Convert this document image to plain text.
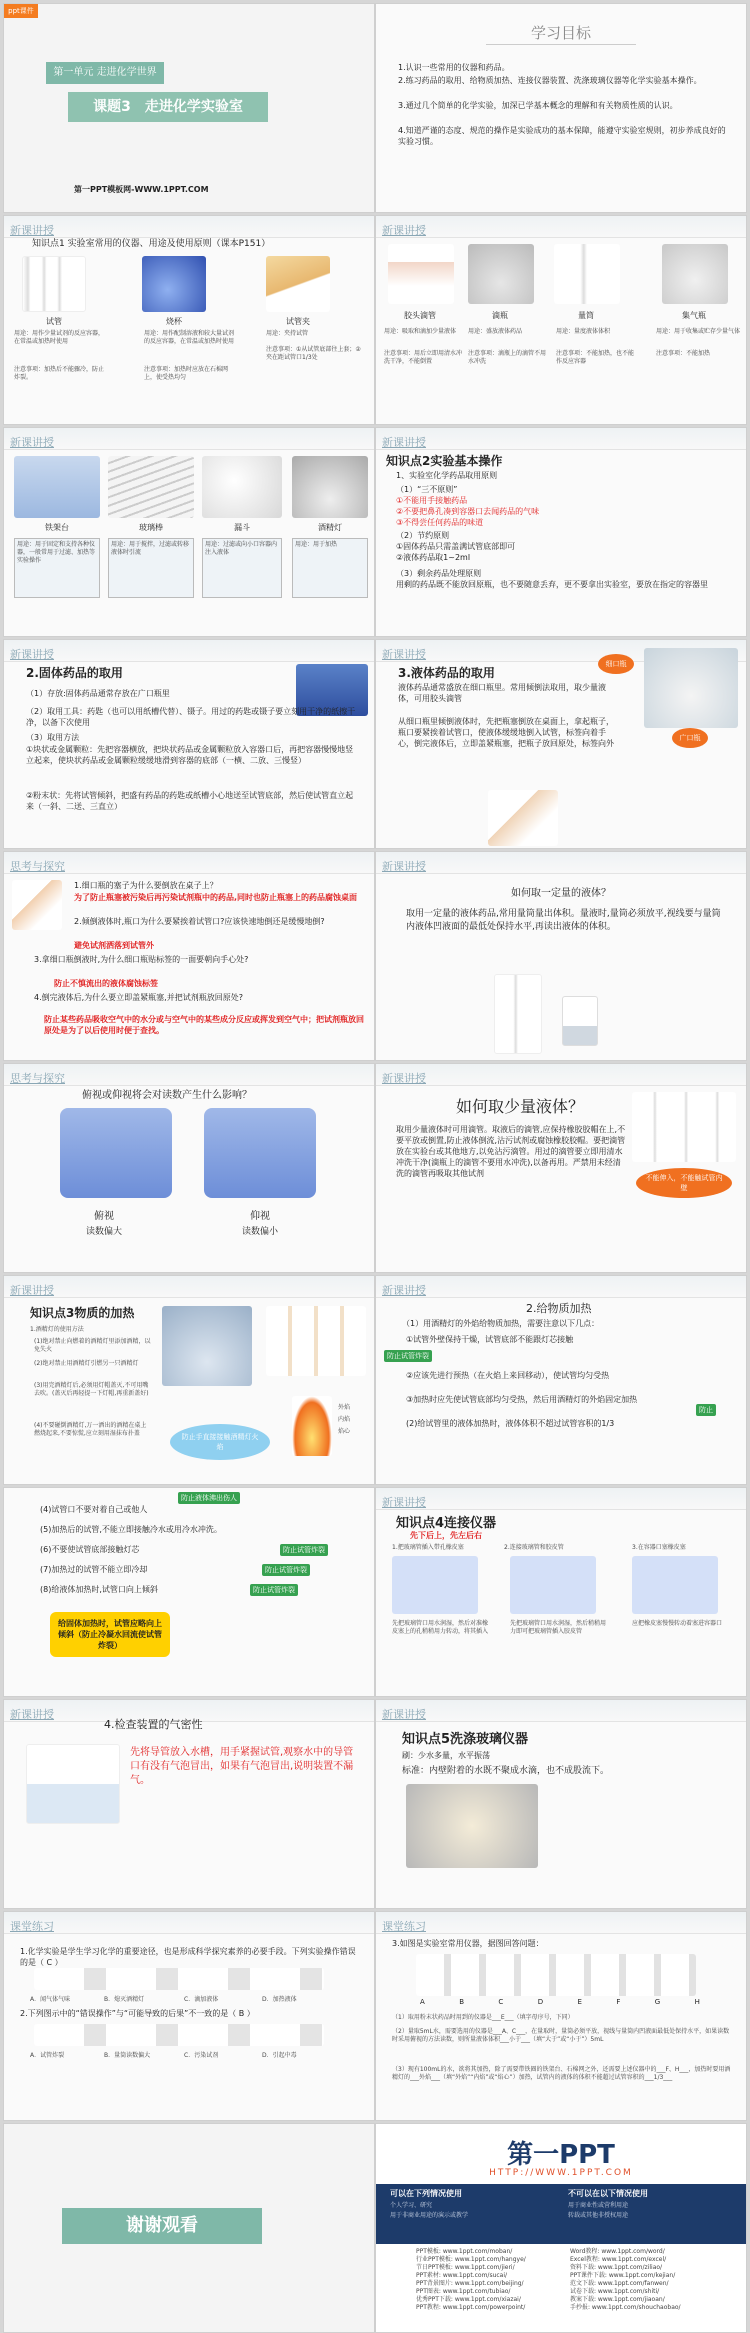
ppt课件
第一单元 走进化学世界
课题3　走进化学实验室
第一PPT模板网-WWW.1PPT.COM
学习目标
1.认识一些常用的仪器和药品。
2.练习药品的取用、给物质加热、连接仪器装置、洗涤玻璃仪器等化学实验基本操作。
3.通过几个简单的化学实验，加深已学基本概念的理解和有关物质性质的认识。
4.知道严谨的态度、规范的操作是实验成功的基本保障，能遵守实验室规则，初步养成良好的实验习惯。
新课讲授
知识点1 实验室常用的仪器、用途及使用原则（课本P151）
试管	烧杯	试管夹
用途：用作少量试剂的反应容器，在常温或加热时使用
注意事项：加热后不能骤冷，防止炸裂。
用途：用作配制溶液和较大量试剂的反应容器，在常温或加热时使用
注意事项：加热时应放在石棉网上，使受热均匀
用途：夹持试管
注意事项：①从试管底部往上套；②夹在距试管口1/3处
新课讲授
胶头滴管	滴瓶	量筒	集气瓶
用途：吸取和滴加少量液体	用途：盛放液体药品	用途：量度液体体积	用途：用于收集或贮存少量气体
注意事项：用后立即用清水冲洗干净，不能倒置
注意事项：滴瓶上的滴管不用水冲洗
注意事项：不能加热，也不能作反应容器
注意事项：不能加热
新课讲授
铁架台	玻璃棒	漏斗	酒精灯
用途：用于固定和支持各种仪器，一般常用于过滤、加热等实验操作
用途：用于搅拌，过滤或转移液体时引流
用途：过滤或向小口容器内注入液体
用途：用于加热
新课讲授
知识点2实验基本操作
1、实验室化学药品取用原则
（1）“三不原则”
①不能用手接触药品
②不要把鼻孔凑到容器口去闻药品的气味
③不得尝任何药品的味道
（2）节约原则
①固体药品只需盖满试管底部即可
②液体药品取1~2ml
（3）剩余药品处理原则
用剩的药品既不能放回原瓶，也不要随意丢弃，更不要拿出实验室，要放在指定的容器里
新课讲授
2.固体药品的取用
（1）存放:固体药品通常存放在广口瓶里
（2）取用工具：药匙（也可以用纸槽代替）、镊子。用过的药匙或镊子要立刻用干净的纸擦干净，以备下次使用
（3）取用方法
①块状或金属颗粒：先把容器横放，把块状药品或金属颗粒放入容器口后，再把容器慢慢地竖立起来，使块状药品或金属颗粒缓缓地滑到容器的底部（一横、二放、三慢竖）
②粉末状：先将试管倾斜，把盛有药品的药匙或纸槽小心地送至试管底部，然后使试管直立起来（一斜、二送、三直立）
新课讲授
3.液体药品的取用
液体药品通常盛放在细口瓶里。常用倾倒法取用，取少量液体，可用胶头滴管
从细口瓶里倾倒液体时，先把瓶塞倒放在桌面上，拿起瓶子，瓶口要紧挨着试管口，使液体缓缓地倒入试管，标签向着手心，倒完液体后，立即盖紧瓶塞，把瓶子放回原处，标签向外
细口瓶
广口瓶
思考与探究
1.细口瓶的塞子为什么要倒放在桌子上？
为了防止瓶塞被污染后再污染试剂瓶中的药品,同时也防止瓶塞上的药品腐蚀桌面
2.倾倒液体时,瓶口为什么要紧挨着试管口?应该快速地倒还是缓慢地倒?
避免试剂洒落到试管外
3.拿细口瓶倒液时,为什么细口瓶贴标签的一面要朝向手心处?
防止不慎流出的液体腐蚀标签
4.倒完液体后,为什么要立即盖紧瓶塞,并把试剂瓶放回原处?
防止某些药品吸收空气中的水分或与空气中的某些成分反应或挥发到空气中；把试剂瓶放回原处是为了以后使用时便于查找。
新课讲授
如何取一定量的液体？
取用一定量的液体药品,常用量筒量出体积。量液时,量筒必须放平,视线要与量筒内液体凹液面的最低处保持水平,再读出液体的体积。
思考与探究
俯视或仰视将会对读数产生什么影响？
俯视
读数偏大
仰视
读数偏小
新课讲授
如何取少量液体？
取用少量液体时可用滴管。取液后的滴管,应保持橡胶胶帽在上,不要平放或倒置,防止液体倒流,沾污试剂或腐蚀橡胶胶帽。要把滴管放在实验台或其他地方,以免沾污滴管。用过的滴管要立即用清水冲洗干净(滴瓶上的滴管不要用水冲洗),以备再用。严禁用未经清洗的滴管再吸取其他试剂	不能伸入，不能触试管内壁
新课讲授
知识点3物质的加热
1.酒精灯的使用方法
(1)绝对禁止向燃着的酒精灯里添加酒精，以免失火
(2)绝对禁止用酒精灯引燃另一只酒精灯
(3)用完酒精灯后,必须用灯帽盖灭,不可用嘴去吹。(盖灭后再轻提一下灯帽,再重新盖好)
(4)不要碰倒酒精灯,万一洒出的酒精在桌上燃烧起来,不要惊慌,应立刻用湿抹布扑盖
外焰
内焰
焰心
防止手直接接触酒精灯火焰
新课讲授
2.给物质加热
（1）用酒精灯的外焰给物质加热，需要注意以下几点：
①试管外壁保持干燥，试管底部不能跟灯芯接触
防止试管炸裂
②应该先进行预热（在火焰上来回移动），使试管均匀受热
③加热时应先使试管底部均匀受热，然后用酒精灯的外焰固定加热
防止
(2)给试管里的液体加热时，液体体积不超过试管容积的1/3
防止液体沸出伤人
(4)试管口不要对着自己或他人
(5)加热后的试管,不能立即接触冷水或用冷水冲洗。
(6)不要使试管底部接触灯芯	防止试管炸裂
(7)加热过的试管不能立即冷却	防止试管炸裂
(8)给液体加热时,试管口向上倾斜	防止试管炸裂
给固体加热时，试管应略向上倾斜（防止冷凝水回流使试管炸裂）
新课讲授
知识点4连接仪器
先下后上，先左后右
1.把玻璃管插入带孔橡皮塞	2.连接玻璃管和胶皮管	3.在容器口塞橡皮塞
先把玻璃管口用水润湿，然后对准橡皮塞上的孔稍稍用力转动，将其插入
先把玻璃管口用水润湿，然后稍稍用力即可把玻璃管插入胶皮管
应把橡皮塞慢慢转动着塞进容器口
新课讲授
4.检查装置的气密性
先将导管放入水槽，用手紧握试管,观察水中的导管口有没有气泡冒出，如果有气泡冒出,说明装置不漏气。
新课讲授
知识点5洗涤玻璃仪器
刷：少水多量，水平振荡
标准：内壁附着的水既不聚成水滴，也不成股流下。
课堂练习
1.化学实验是学生学习化学的重要途径，也是形成科学探究素养的必要手段。下列实验操作错误的是（ C ）
A．闻气体气味	B．熄灭酒精灯	C．滴加液体	D．加热液体
2.下列图示中的“错误操作”与“可能导致的后果”不一致的是（ B ）
A．试管炸裂	B．量筒读数偏大	C．污染试剂	D．引起中毒
课堂练习
3.如图是实验室常用仪器，据图回答问题：
A	B	C	D	E	F	G	H
（1）取用粉末状药品时用到的仪器是___E___（填字母序号，下同）
（2）量取5mL水，需要选用的仪器是___A、C___，在量取时，量筒必须平放，视线与量筒内凹液面最低处保持水平，如果读数时采用俯视的方法读数，则所量液体体积___小于___（填“大于”或“小于”）5mL
（3）现有100mL的水，欲将其加热，除了需要带铁圈的铁架台、石棉网之外，还需要上述仪器中的___F、H___，加热时要用酒精灯的___外焰___（填“外焰”“内焰”或“焰心”）加热，试管内的液体的体积不能超过试管容积的___1/3___
谢谢观看
第一PPT
HTTP://WWW.1PPT.COM
可以在下列情况使用
个人学习、研究
用于非商业用途的演示或教学
不可以在以下情况使用
用于商业性或营利用途
转载或其他非授权用途
PPT模板: www.1ppt.com/moban/
行业PPT模板: www.1ppt.com/hangye/
节日PPT模板: www.1ppt.com/jieri/
PPT素材: www.1ppt.com/sucai/
PPT背景图片: www.1ppt.com/beijing/
PPT图表: www.1ppt.com/tubiao/
优秀PPT下载: www.1ppt.com/xiazai/
PPT教程: www.1ppt.com/powerpoint/
Word教程: www.1ppt.com/word/
Excel教程: www.1ppt.com/excel/
资料下载: www.1ppt.com/ziliao/
PPT课件下载: www.1ppt.com/kejian/
范文下载: www.1ppt.com/fanwen/
试卷下载: www.1ppt.com/shiti/
教案下载: www.1ppt.com/jiaoan/
手抄报: www.1ppt.com/shouchaobao/
